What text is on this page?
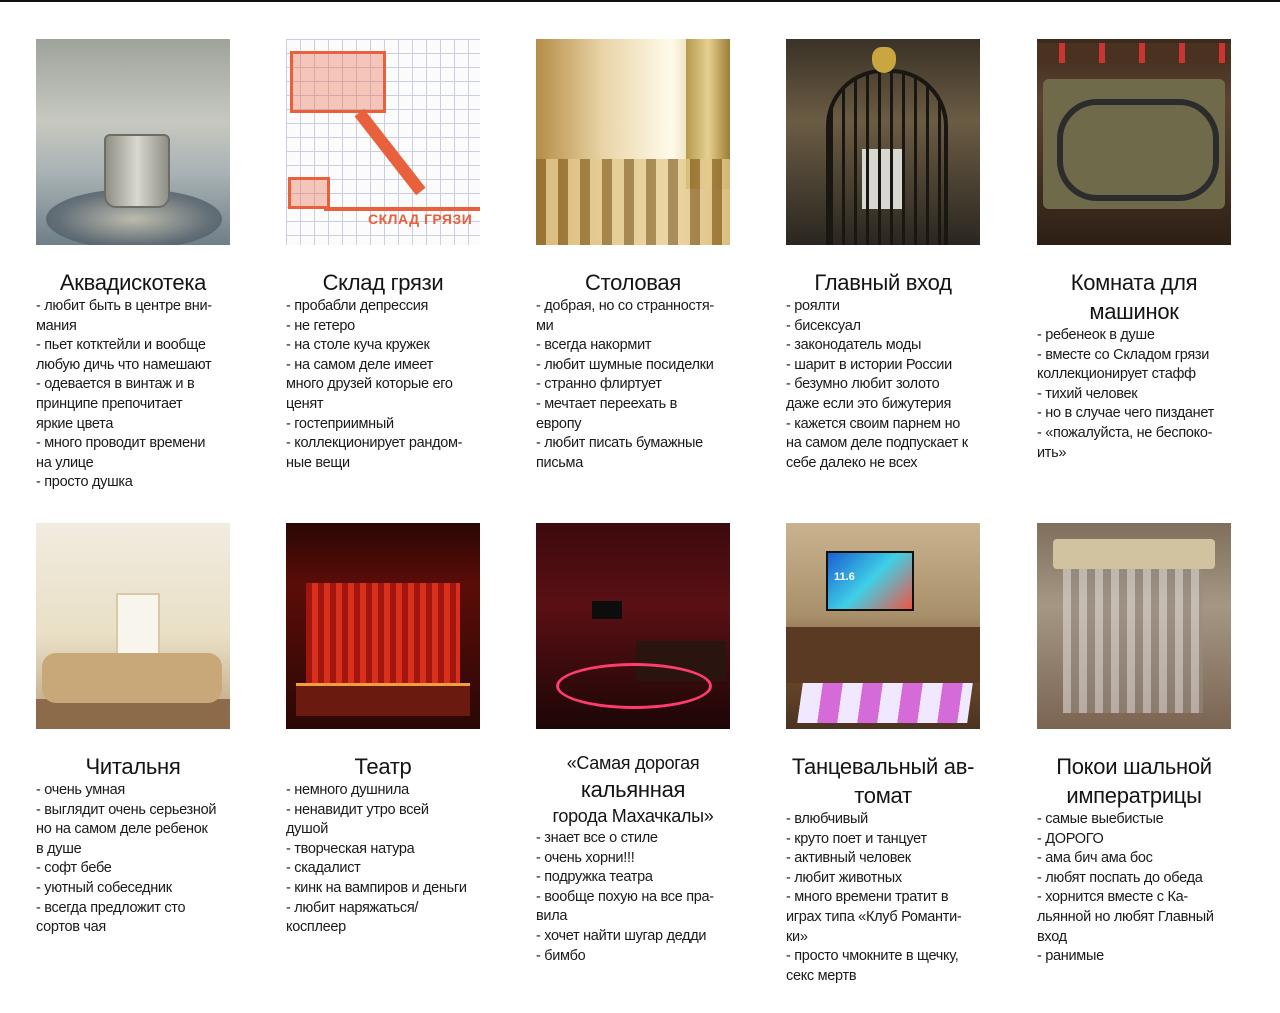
Аквадискотека
- любит быть в центре вни-
мания
- пьет котктейли и вообще
любую дичь что намешают
- одевается в винтаж и в
принципе препочитает
яркие цвета
- много проводит времени
на улице
- просто душка
СКЛАД ГРЯЗИ
Склад грязи
- пробабли депрессия
- не гетеро
- на столе куча кружек
- на самом деле имеет
много друзей которые его
ценят
- гостеприимный
- коллекционирует рандом-
ные вещи
Столовая
- добрая, но со странностя-
ми
- всегда накормит
- любит шумные посиделки
- странно флиртует
- мечтает переехать в
европу
- любит писать бумажные
письма
Главный вход
- роялти
- бисексуал
- законодатель моды
- шарит в истории России
- безумно любит золото
даже если это бижутерия
- кажется своим парнем но
на самом деле подпускает к
себе далеко не всех
Комната для
машинок
- ребенеок в душе
- вместе со Складом грязи
коллекционирует стафф
- тихий человек
- но в случае чего пизданет
- «пожалуйста, не беспоко-
ить»
Читальня
- очень умная
- выглядит очень серьезной
но на самом деле ребенок
в душе
- софт бебе
- уютный собеседник
- всегда предложит сто
сортов чая
Театр
- немного душнила
- ненавидит утро всей
душой
- творческая натура
- скадалист
- кинк на вампиров и деньги
- любит наряжаться/
косплеер
«Самая дорогая
кальянная
города Махачкалы»
- знает все о стиле
- очень хорни!!!
- подружка театра
- вообще похую на все пра-
вила
- хочет найти шугар дедди
- бимбо
11.6
Танцевальный ав-
томат
- влюбчивый
- круто поет и танцует
- активный человек
- любит животных
- много времени тратит в
играх типа «Клуб Романти-
ки»
- просто чмокните в щечку,
секс мертв
Покои шальной
императрицы
- самые выебистые
- ДОРОГО
- ама бич ама бос
- любят поспать до обеда
- хорнится вместе с Ка-
льянной но любят Главный
вход
- ранимые
